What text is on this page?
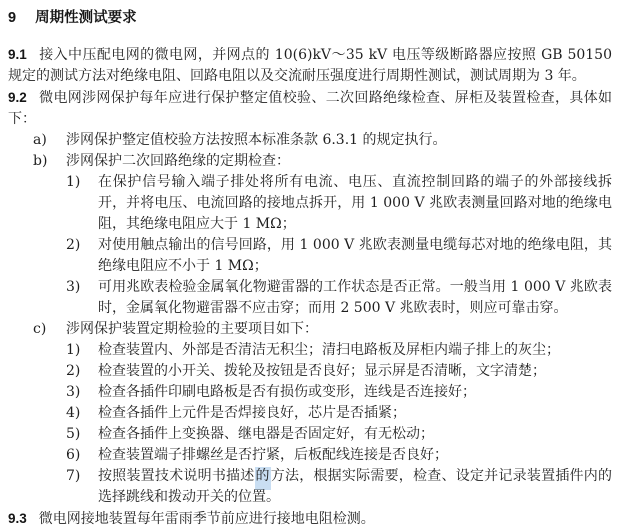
9 周期性测试要求

9.1 接入中压配电网的微电网，并网点的 10(6)kV～35 kV 电压等级断路器应按照 GB 50150 规定的测试方法对绝缘电阻、回路电阻以及交流耐压强度进行周期性测试，测试周期为 3 年。

9.2 微电网涉网保护每年应进行保护整定值校验、二次回路绝缘检查、屏柜及装置检查，具体如下：

a)	涉网保护整定值校验方法按照本标准条款 6.3.1 的规定执行。
b)	涉网保护二次回路绝缘的定期检查：
1)	在保护信号输入端子排处将所有电流、电压、直流控制回路的端子的外部接线拆开，并将电压、电流回路的接地点拆开，用 1 000 V 兆欧表测量回路对地的绝缘电阻，其绝缘电阻应大于 1 MΩ；
2)	对使用触点输出的信号回路，用 1 000 V 兆欧表测量电缆每芯对地的绝缘电阻，其绝缘电阻应不小于 1 MΩ；
3)	可用兆欧表检验金属氧化物避雷器的工作状态是否正常。一般当用 1 000 V 兆欧表时，金属氧化物避雷器不应击穿；而用 2 500 V 兆欧表时，则应可靠击穿。
c)	涉网保护装置定期检验的主要项目如下：
1)	检查装置内、外部是否清洁无积尘；清扫电路板及屏柜内端子排上的灰尘；
2)	检查装置的小开关、拨轮及按钮是否良好；显示屏是否清晰，文字清楚；
3)	检查各插件印刷电路板是否有损伤或变形，连线是否连接好；
4)	检查各插件上元件是否焊接良好，芯片是否插紧；
5)	检查各插件上变换器、继电器是否固定好，有无松动；
6)	检查装置端子排螺丝是否拧紧，后板配线连接是否良好；
7)	按照装置技术说明书描述的方法，根据实际需要，检查、设定并记录装置插件内的选择跳线和拨动开关的位置。

9.3 微电网接地装置每年雷雨季节前应进行接地电阻检测。
